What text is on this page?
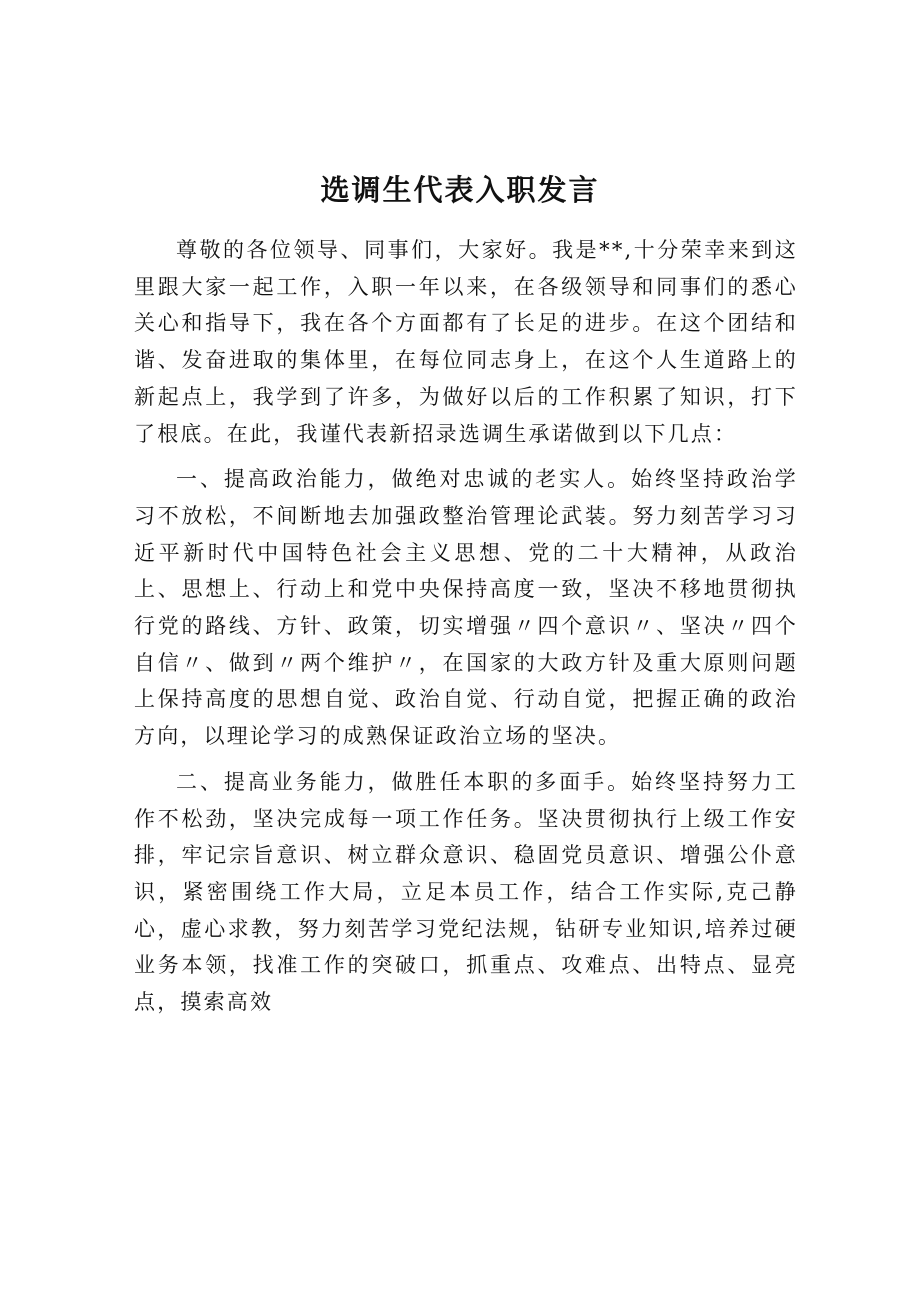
选调生代表入职发言

尊敬的各位领导、同事们，大家好。我是**,十分荣幸来到这里跟大家一起工作，入职一年以来，在各级领导和同事们的悉心关心和指导下，我在各个方面都有了长足的进步。在这个团结和谐、发奋进取的集体里，在每位同志身上，在这个人生道路上的新起点上，我学到了许多，为做好以后的工作积累了知识，打下了根底。在此，我谨代表新招录选调生承诺做到以下几点：

一、提高政治能力，做绝对忠诚的老实人。始终坚持政治学习不放松，不间断地去加强政整治管理论武装。努力刻苦学习习近平新时代中国特色社会主义思想、党的二十大精神，从政治上、思想上、行动上和党中央保持高度一致，坚决不移地贯彻执行党的路线、方针、政策，切实增强〃四个意识〃、坚决〃四个自信〃、做到〃两个维护〃，在国家的大政方针及重大原则问题上保持高度的思想自觉、政治自觉、行动自觉，把握正确的政治方向，以理论学习的成熟保证政治立场的坚决。

二、提高业务能力，做胜任本职的多面手。始终坚持努力工作不松劲，坚决完成每一项工作任务。坚决贯彻执行上级工作安排，牢记宗旨意识、树立群众意识、稳固党员意识、增强公仆意识，紧密围绕工作大局，立足本员工作，结合工作实际,克己静心，虚心求教，努力刻苦学习党纪法规，钻研专业知识,培养过硬业务本领，找准工作的突破口，抓重点、攻难点、出特点、显亮点，摸索高效
